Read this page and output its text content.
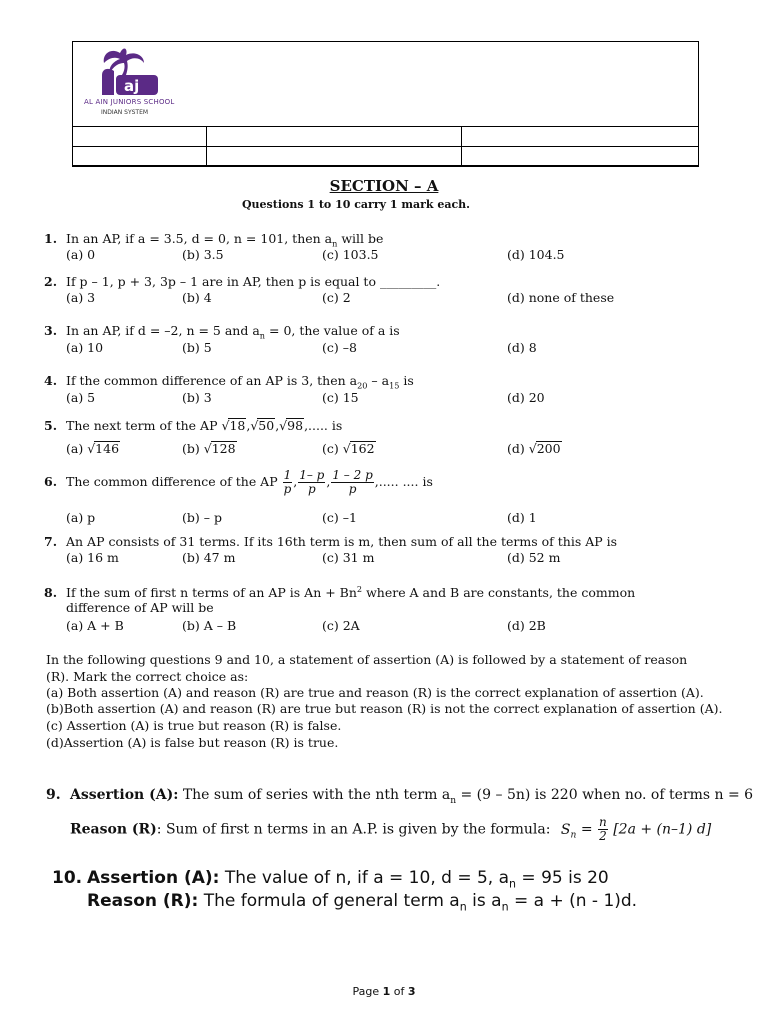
aj
AL AIN JUNIORS SCHOOL
INDIAN SYSTEM
SECTION – A
Questions 1 to 10 carry 1 mark each.
1. In an AP, if a = 3.5, d = 0, n = 101, then $a_n$ will be
(a) 0	(b) 3.5	(c) 103.5	(d) 104.5
2. If p – 1, p + 3, 3p – 1 are in AP, then p is equal to _________.
(a) 3	(b) 4	(c) 2	(d) none of these
3. In an AP, if d = –2, n = 5 and $a_n = 0$, the value of a is
(a) 10	(b) 5	(c) –8	(d) 8
4. If the common difference of an AP is 3, then $a_{20} - a_{15}$ is
(a) 5	(b) 3	(c) 15	(d) 20
5. The next term of the AP √18,√50,√98,..... is
(a) √146	(b) √128	(c) √162	(d) √200
6. The common difference of the AP $\frac{1}{p}$ , $\frac{1- p}{p}$ , $\frac{1 - 2 p}{p}$ ,..... .... is
(a) p	(b) – p	(c) –1	(d) 1
7. An AP consists of 31 terms. If its 16th term is m, then sum of all the terms of this AP is
(a) 16 m	(b) 47 m	(c) 31 m	(d) 52 m
8. If the sum of first n terms of an AP is $An + Bn^2$ where A and B are constants, the common
difference of AP will be
(a) A + B	(b) A – B	(c) 2A	(d) 2B
In the following questions 9 and 10, a statement of assertion (A) is followed by a statement of reason
(R). Mark the correct choice as:
(a) Both assertion (A) and reason (R) are true and reason (R) is the correct explanation of assertion (A).
(b)Both assertion (A) and reason (R) are true but reason (R) is not the correct explanation of assertion (A).
(c) Assertion (A) is true but reason (R) is false.
(d)Assertion (A) is false but reason (R) is true.
9. Assertion (A): The sum of series with the nth term $a_n = (9 - 5n)$ is 220 when no. of terms n = 6
Reason (R): Sum of first n terms in an A.P. is given by the formula: $S_n = \frac{n}{2} [2a + (n-1)$ d]
10. Assertion (A): The value of n, if a = 10, d = 5, $a_n = 95$ is 20
Reason (R): The formula of general term $a_n$ is $a_n = a + (n - 1)d$.
Page 1 of 3
